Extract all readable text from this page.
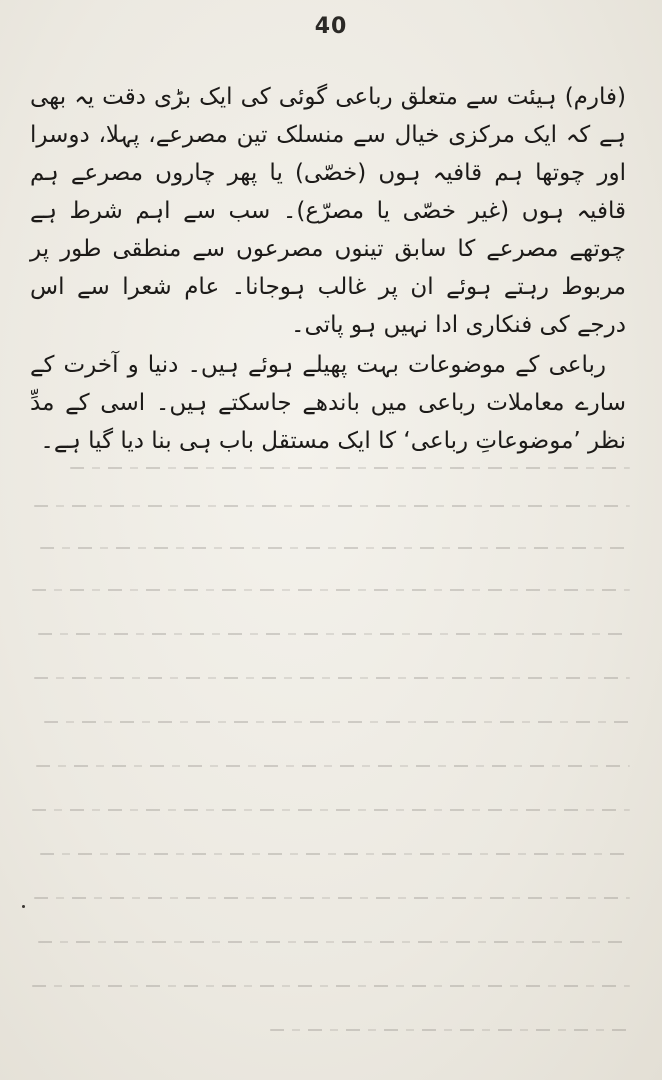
40

(فارم) ہیئت سے متعلق رباعی گوئی کی ایک بڑی دقت یہ بھی ہے کہ ایک مرکزی خیال سے منسلک تین مصرعے، پہلا، دوسرا اور چوتھا ہم قافیہ ہوں (خصّی) یا پھر چاروں مصرعے ہم قافیہ ہوں (غیر خصّی یا مصرّع)۔ سب سے اہم شرط ہے چوتھے مصرعے کا سابق تینوں مصرعوں سے منطقی طور پر مربوط رہتے ہوئے ان پر غالب ہوجانا۔ عام شعرا سے اس درجے کی فنکاری ادا نہیں ہو پاتی۔

رباعی کے موضوعات بہت پھیلے ہوئے ہیں۔ دنیا و آخرت کے سارے معاملات رباعی میں باندھے جاسکتے ہیں۔ اسی کے مدِّ نظر ’موضوعاتِ رباعی‘ کا ایک مستقل باب ہی بنا دیا گیا ہے۔
